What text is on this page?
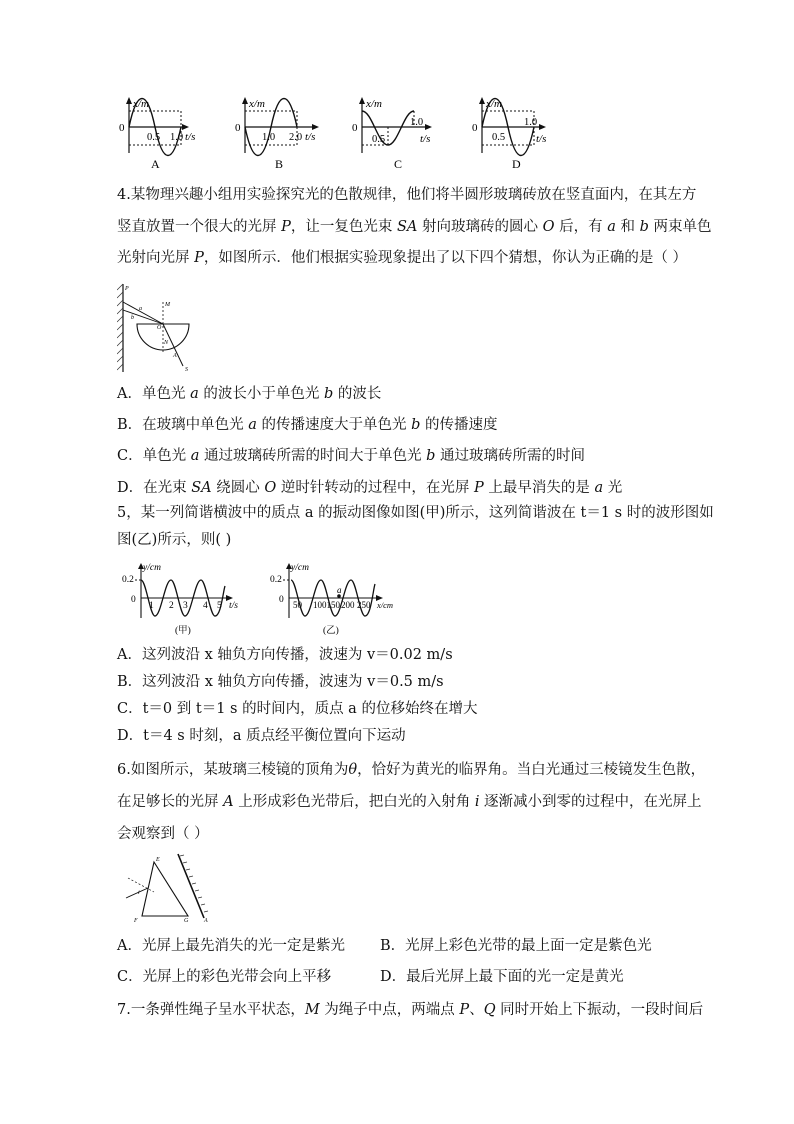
x/m
0
0.5 1.0 t/s
A
x/m
0
1.0 2.0 t/s
B
x/m
0
0.5
1.0
t/s
C
x/m
0
0.5
1.0
t/s
D
4.某物理兴趣小组用实验探究光的色散规律，他们将半圆形玻璃砖放在竖直面内，在其左方
竖直放置一个很大的光屏 P，让一复色光束 SA 射向玻璃砖的圆心 O 后，有 a 和 b 两束单色
光射向光屏 P，如图所示．他们根据实验现象提出了以下四个猜想，你认为正确的是（ ）
P
a
b
M
O
N
A
S
A．单色光 a 的波长小于单色光 b 的波长
B．在玻璃中单色光 a 的传播速度大于单色光 b 的传播速度
C．单色光 a 通过玻璃砖所需的时间大于单色光 b 通过玻璃砖所需的时间
D．在光束 SA 绕圆心 O 逆时针转动的过程中，在光屏 P 上最早消失的是 a 光
5，某一列简谐横波中的质点 a 的振动图像如图(甲)所示，这列简谐波在 t＝1 s 时的波形图如
图(乙)所示，则( )
y/cm
0.2
0
1 2 3 4 5 t/s
(甲)
y/cm
0.2
0 50 100150 200 250 x/cm
a
(乙)
A．这列波沿 x 轴负方向传播，波速为 v＝0.02 m/s
B．这列波沿 x 轴负方向传播，波速为 v＝0.5 m/s
C．t＝0 到 t＝1 s 的时间内，质点 a 的位移始终在增大
D．t＝4 s 时刻，a 质点经平衡位置向下运动
6.如图所示，某玻璃三棱镜的顶角为θ，恰好为黄光的临界角。当白光通过三棱镜发生色散，
在足够长的光屏 A 上形成彩色光带后，把白光的入射角 i 逐渐减小到零的过程中，在光屏上
会观察到（ ）
i
E
F	G	A
A．光屏上最先消失的光一定是紫光 B．光屏上彩色光带的最上面一定是紫色光
C．光屏上的彩色光带会向上平移	D．最后光屏上最下面的光一定是黄光
7.一条弹性绳子呈水平状态，M 为绳子中点，两端点 P、Q 同时开始上下振动，一段时间后
